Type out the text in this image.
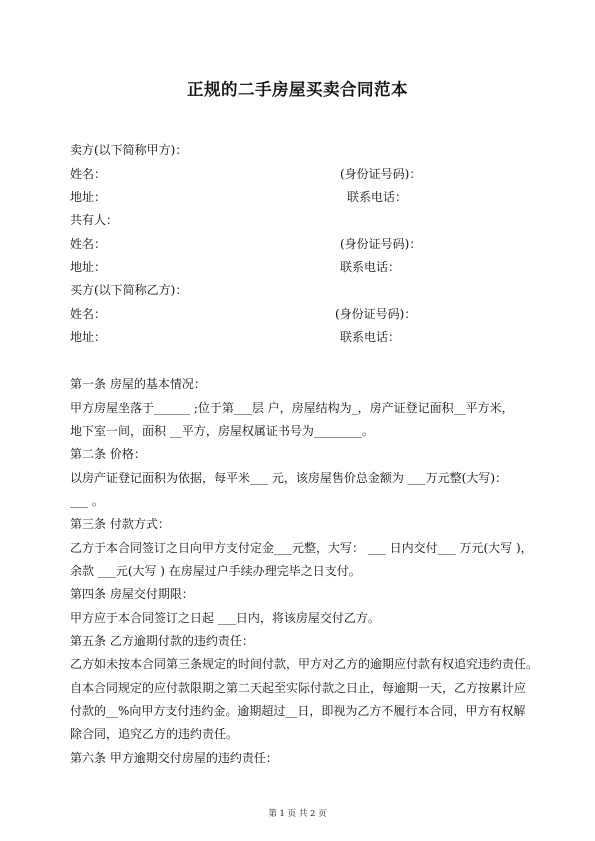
正规的二手房屋买卖合同范本
卖方(以下简称甲方)：
姓名：	(身份证号码)：
地址：	联系电话：
共有人：
姓名：	(身份证号码)：
地址：	联系电话：
买方(以下简称乙方)：
姓名：	(身份证号码)：
地址：	联系电话：
第一条 房屋的基本情况：
甲方房屋坐落于______ ;位于第___层 户，房屋结构为_，房产证登记面积__平方米，
地下室一间，面积 __平方，房屋权属证书号为________。
第二条 价格：
以房产证登记面积为依据，每平米___ 元，该房屋售价总金额为 ___万元整(大写)：
___ 。
第三条 付款方式：
乙方于本合同签订之日向甲方支付定金___元整，大写： ___ 日内交付___ 万元(大写 )，
余款 ___元(大写 ) 在房屋过户手续办理完毕之日支付。
第四条 房屋交付期限：
甲方应于本合同签订之日起 ___日内，将该房屋交付乙方。
第五条 乙方逾期付款的违约责任：
乙方如未按本合同第三条规定的时间付款，甲方对乙方的逾期应付款有权追究违约责任。
自本合同规定的应付款限期之第二天起至实际付款之日止，每逾期一天，乙方按累计应
付款的__%向甲方支付违约金。逾期超过__日，即视为乙方不履行本合同，甲方有权解
除合同，追究乙方的违约责任。
第六条 甲方逾期交付房屋的违约责任：
第 1 页 共 2 页
